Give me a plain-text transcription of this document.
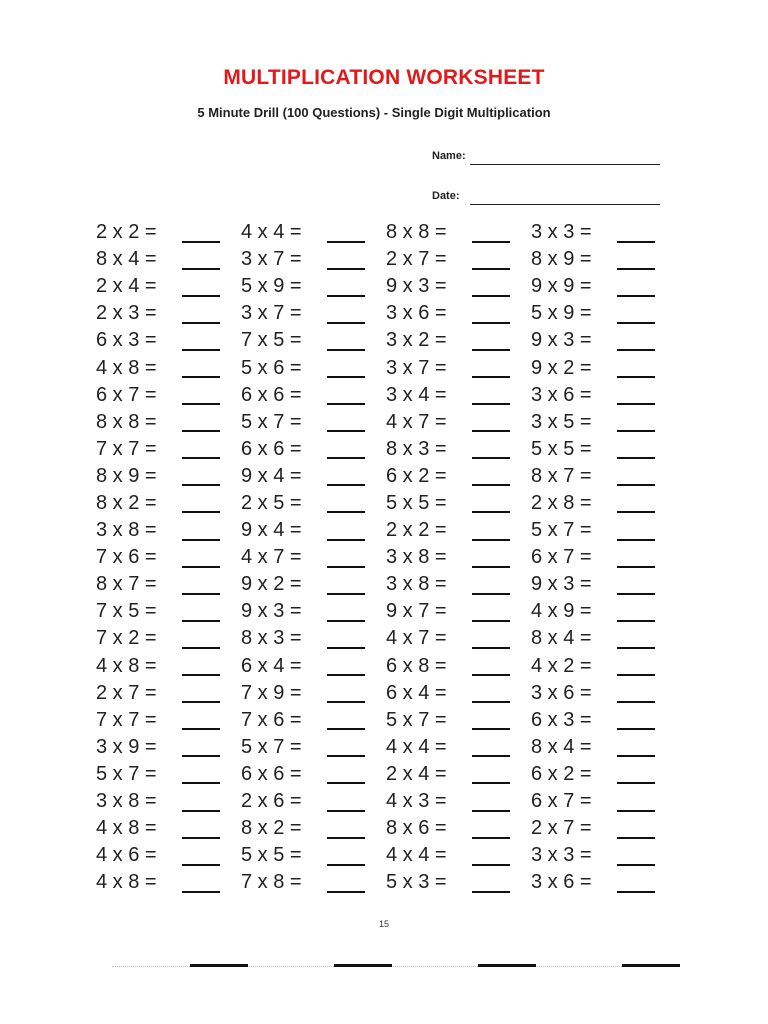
MULTIPLICATION WORKSHEET
5 Minute Drill (100 Questions) - Single Digit Multiplication
Name:
Date:
2 x 2 =
8 x 4 =
2 x 4 =
2 x 3 =
6 x 3 =
4 x 8 =
6 x 7 =
8 x 8 =
7 x 7 =
8 x 9 =
8 x 2 =
3 x 8 =
7 x 6 =
8 x 7 =
7 x 5 =
7 x 2 =
4 x 8 =
2 x 7 =
7 x 7 =
3 x 9 =
5 x 7 =
3 x 8 =
4 x 8 =
4 x 6 =
4 x 8 =
4 x 4 =
3 x 7 =
5 x 9 =
3 x 7 =
7 x 5 =
5 x 6 =
6 x 6 =
5 x 7 =
6 x 6 =
9 x 4 =
2 x 5 =
9 x 4 =
4 x 7 =
9 x 2 =
9 x 3 =
8 x 3 =
6 x 4 =
7 x 9 =
7 x 6 =
5 x 7 =
6 x 6 =
2 x 6 =
8 x 2 =
5 x 5 =
7 x 8 =
8 x 8 =
2 x 7 =
9 x 3 =
3 x 6 =
3 x 2 =
3 x 7 =
3 x 4 =
4 x 7 =
8 x 3 =
6 x 2 =
5 x 5 =
2 x 2 =
3 x 8 =
3 x 8 =
9 x 7 =
4 x 7 =
6 x 8 =
6 x 4 =
5 x 7 =
4 x 4 =
2 x 4 =
4 x 3 =
8 x 6 =
4 x 4 =
5 x 3 =
3 x 3 =
8 x 9 =
9 x 9 =
5 x 9 =
9 x 3 =
9 x 2 =
3 x 6 =
3 x 5 =
5 x 5 =
8 x 7 =
2 x 8 =
5 x 7 =
6 x 7 =
9 x 3 =
4 x 9 =
8 x 4 =
4 x 2 =
3 x 6 =
6 x 3 =
8 x 4 =
6 x 2 =
6 x 7 =
2 x 7 =
3 x 3 =
3 x 6 =
15
